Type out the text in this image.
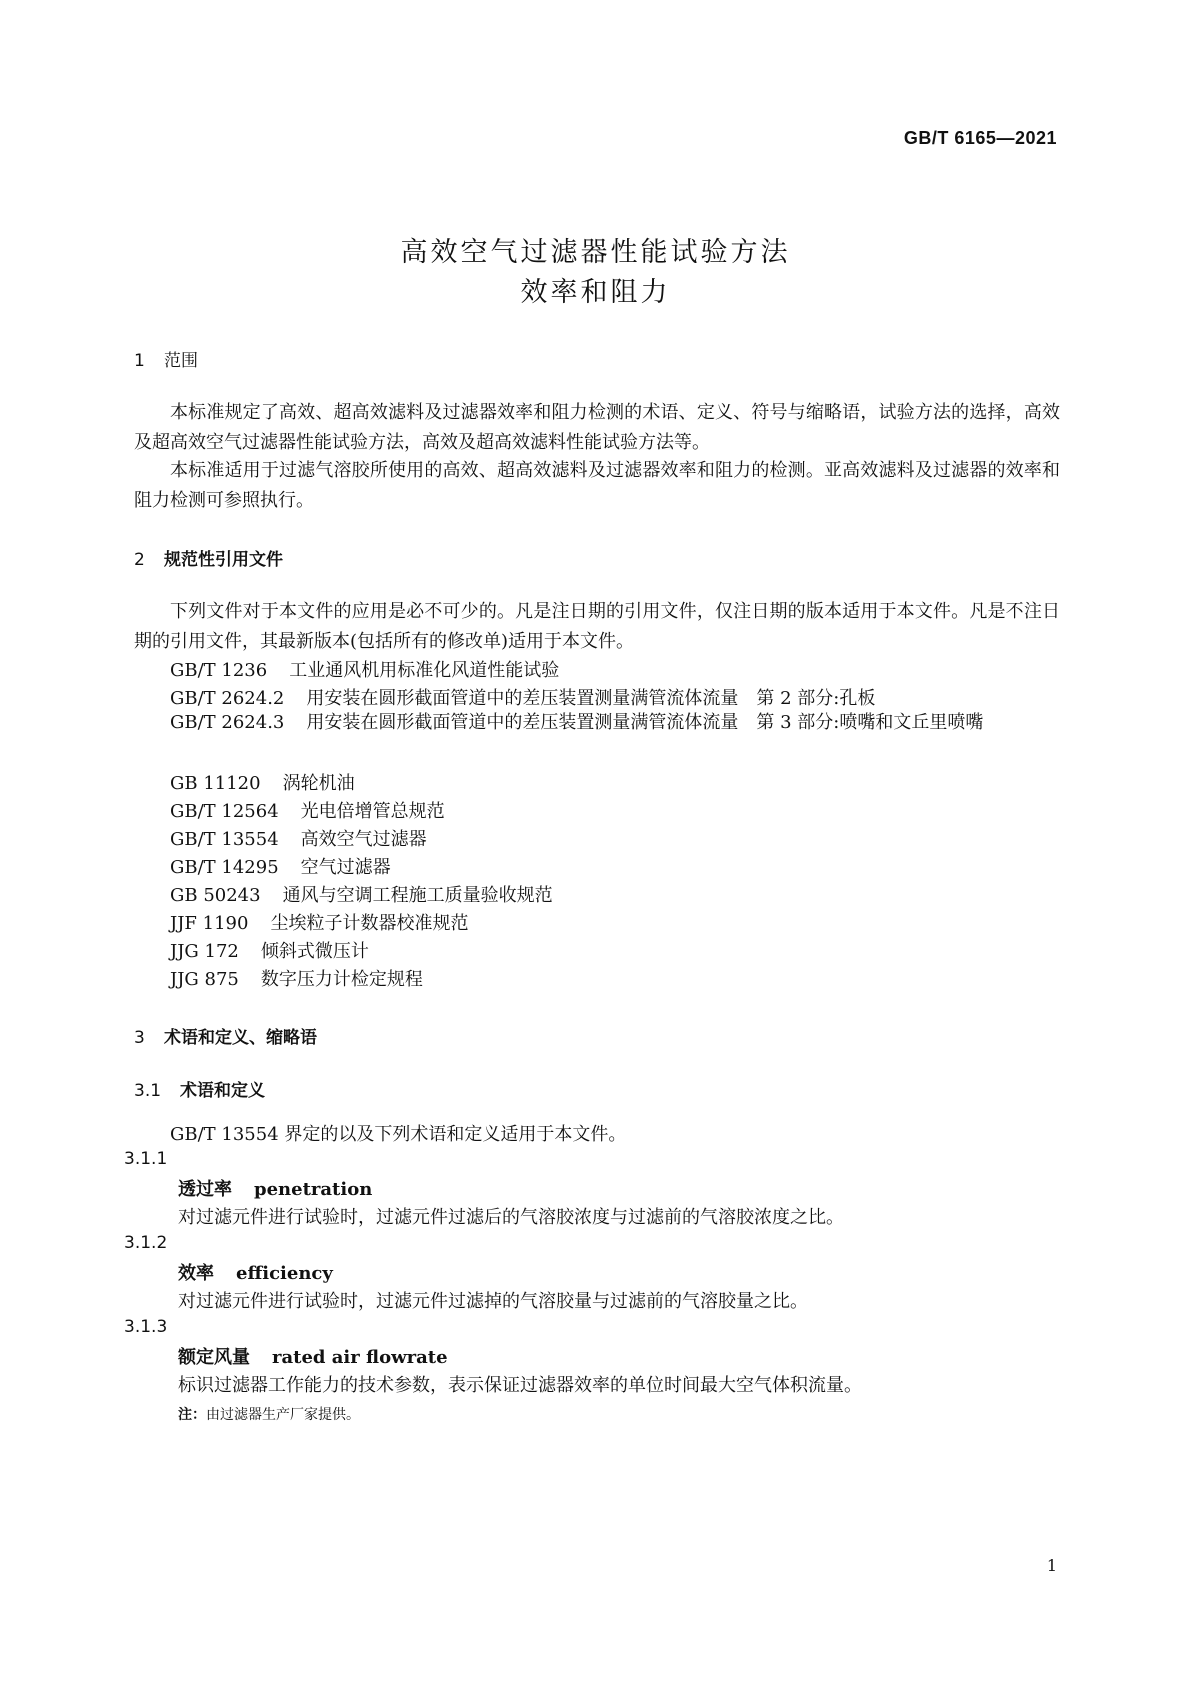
GB/T 6165—2021
高效空气过滤器性能试验方法
效率和阻力
1 范围

本标准规定了高效、超高效滤料及过滤器效率和阻力检测的术语、定义、符号与缩略语，试验方法的选择，高效及超高效空气过滤器性能试验方法，高效及超高效滤料性能试验方法等。

本标准适用于过滤气溶胶所使用的高效、超高效滤料及过滤器效率和阻力的检测。亚高效滤料及过滤器的效率和阻力检测可参照执行。

2 规范性引用文件

下列文件对于本文件的应用是必不可少的。凡是注日期的引用文件，仅注日期的版本适用于本文件。凡是不注日期的引用文件，其最新版本(包括所有的修改单)适用于本文件。

GB/T 1236 工业通风机用标准化风道性能试验
GB/T 2624.2 用安装在圆形截面管道中的差压装置测量满管流体流量　第 2 部分:孔板

GB/T 2624.3 用安装在圆形截面管道中的差压装置测量满管流体流量　第 3 部分:喷嘴和文丘里喷嘴

GB 11120 涡轮机油
GB/T 12564 光电倍增管总规范
GB/T 13554 高效空气过滤器
GB/T 14295 空气过滤器
GB 50243 通风与空调工程施工质量验收规范
JJF 1190 尘埃粒子计数器校准规范
JJG 172 倾斜式微压计
JJG 875 数字压力计检定规程
3 术语和定义、缩略语
3.1 术语和定义
GB/T 13554 界定的以及下列术语和定义适用于本文件。
3.1.1
透过率 penetration
对过滤元件进行试验时，过滤元件过滤后的气溶胶浓度与过滤前的气溶胶浓度之比。
3.1.2
效率 efficiency
对过滤元件进行试验时，过滤元件过滤掉的气溶胶量与过滤前的气溶胶量之比。
3.1.3
额定风量 rated air flowrate
标识过滤器工作能力的技术参数，表示保证过滤器效率的单位时间最大空气体积流量。
注：由过滤器生产厂家提供。
1
